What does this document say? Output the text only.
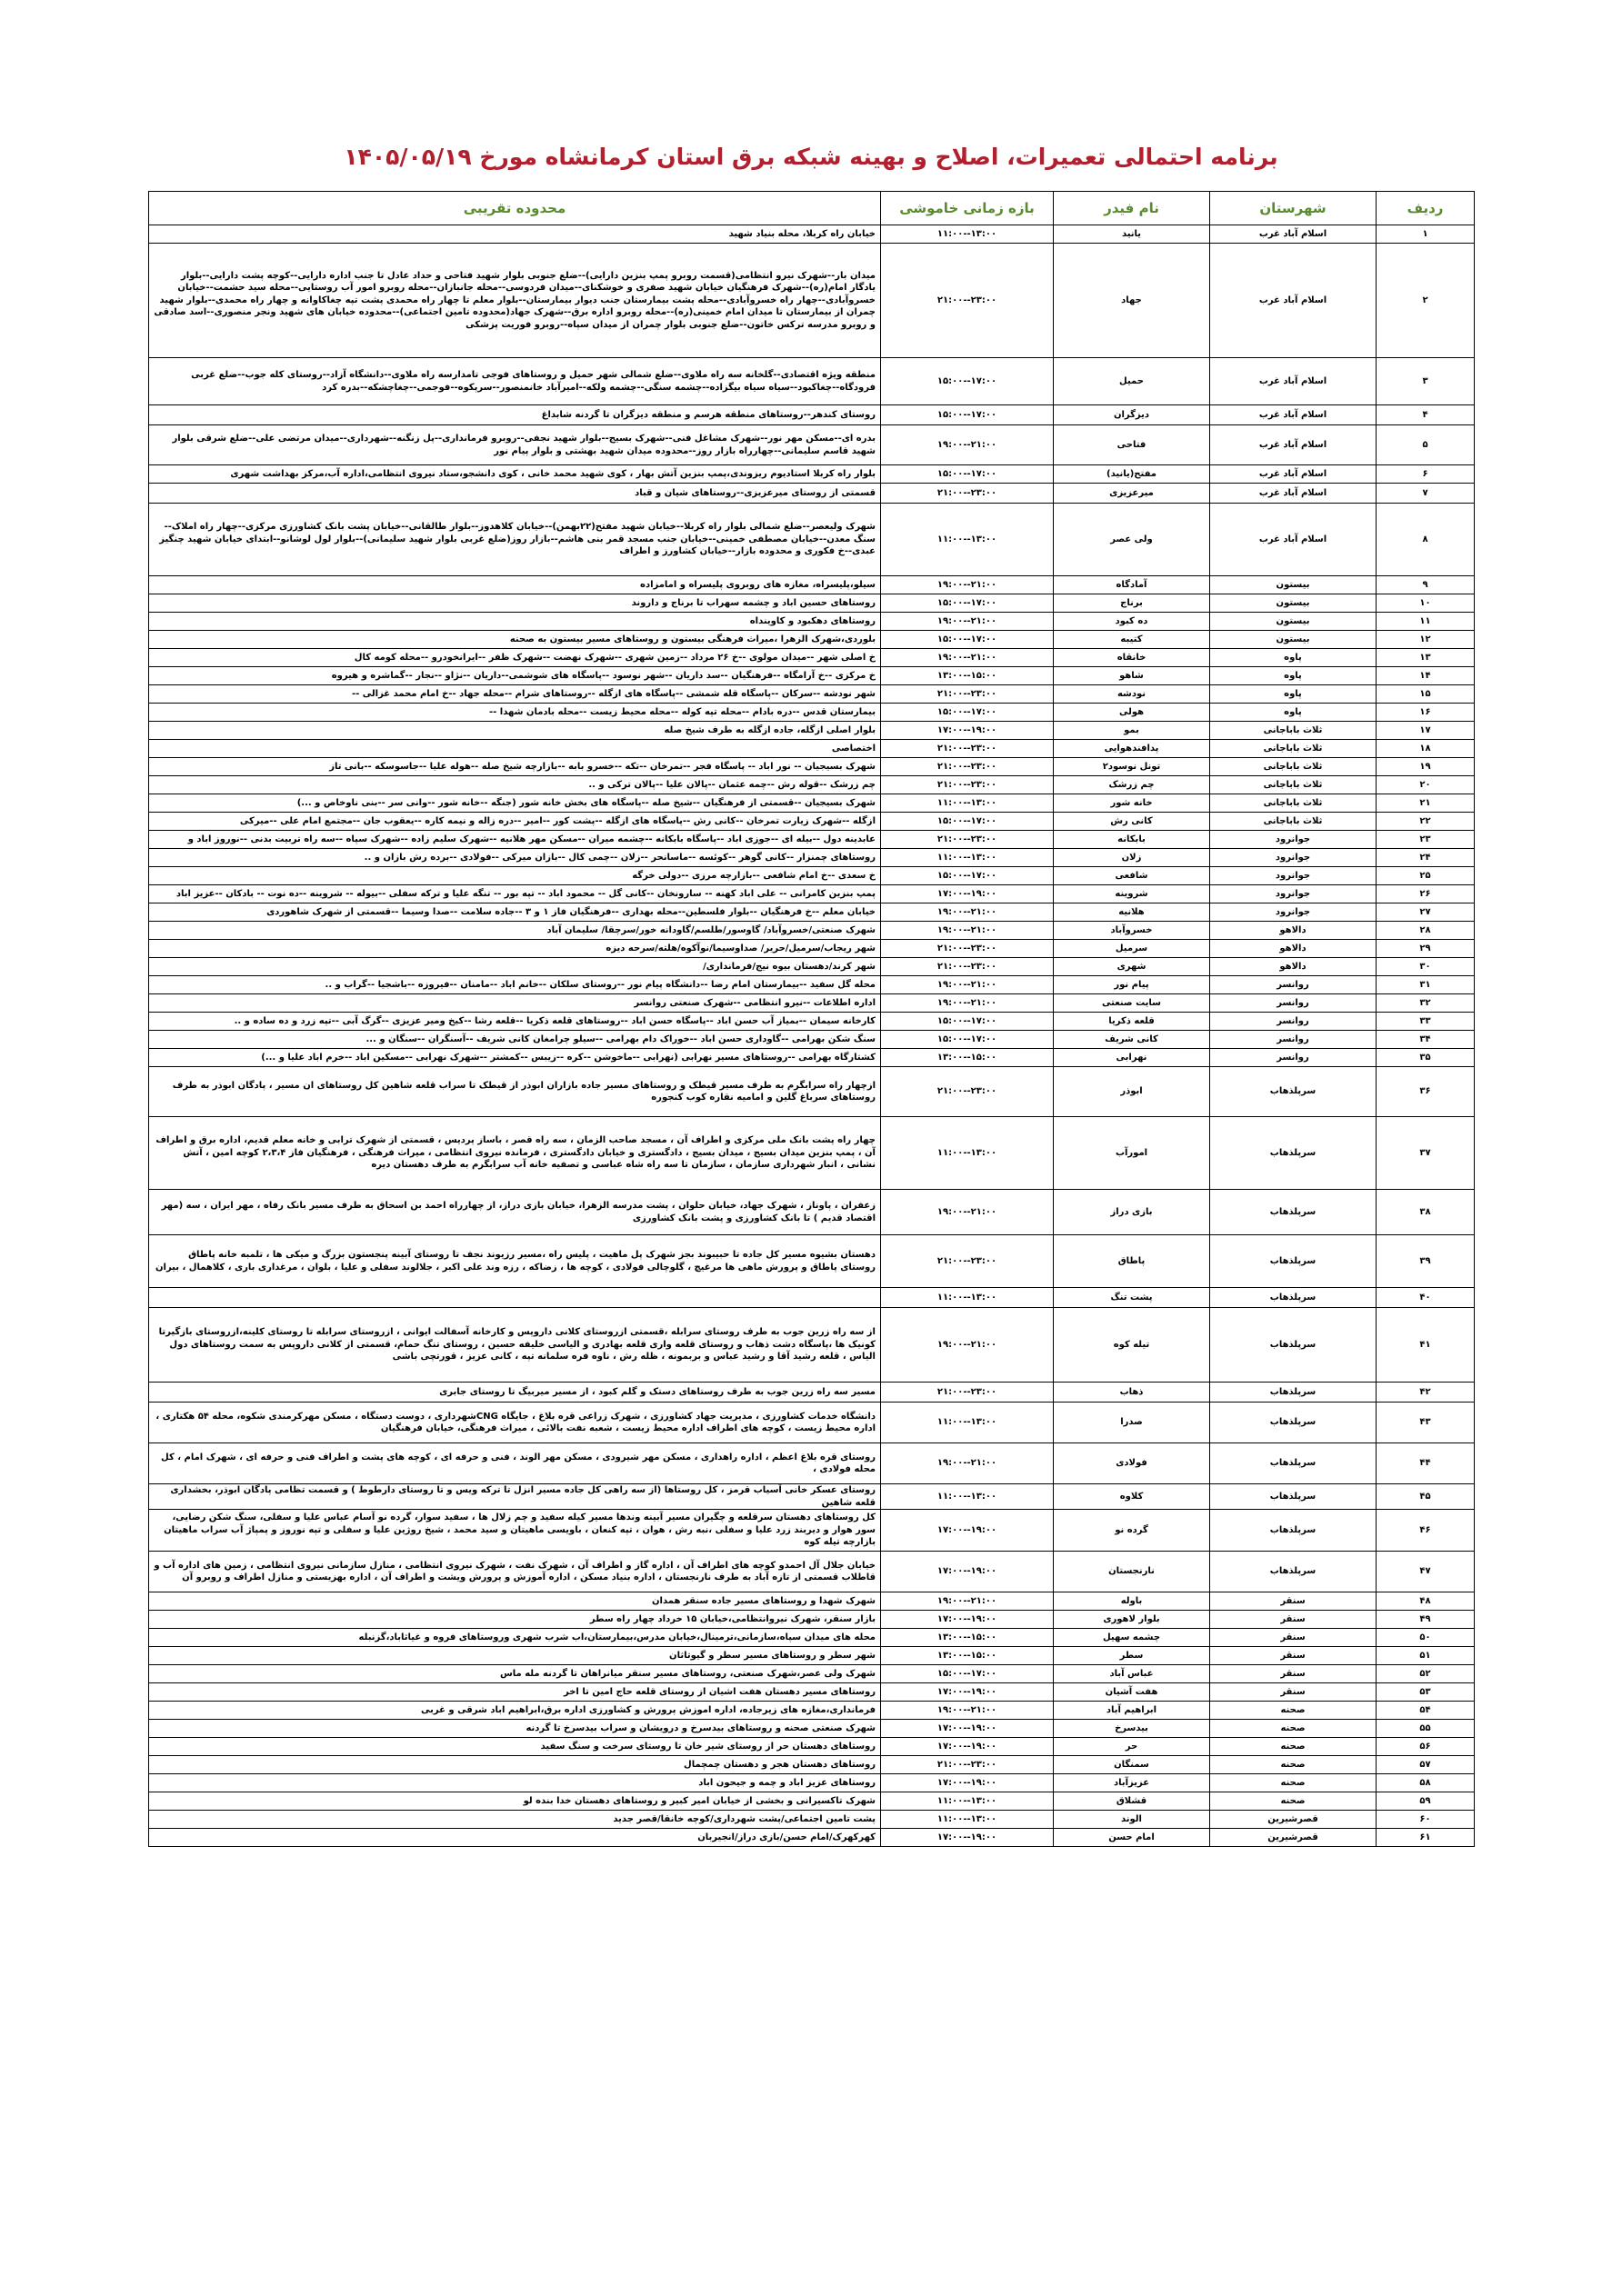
برنامه احتمالی تعمیرات، اصلاح و بهینه شبکه برق استان کرمانشاه مورخ ۱۴۰۵/۰۵/۱۹
ردیف	شهرستان	نام فیدر	بازه زمانی خاموشی	محدوده تقریبی
۱	اسلام آباد غرب	یانید	۱۱:۰۰--۱۳:۰۰	خیابان راه کربلا، محله بنیاد شهید
۲	اسلام آباد غرب	جهاد	۲۱:۰۰--۲۳:۰۰	میدان بار--شهرک نیرو انتظامی(قسمت روبرو پمپ بنزین دارایی)--ضلع جنوبی بلوار شهید فتاحی و حداد عادل تا جنب اداره دارایی--کوچه پشت دارایی--بلوار یادگار امام(ره)--شهرک فرهنگیان خیابان شهید صفری و خوشکنای--میدان فردوسی--محله جانبازان--محله روبرو امور آب روستایی--محله سید حشمت--خیابان خسروآبادی--چهار راه خسروآبادی--محله پشت بیمارستان جنب دیوار بیمارستان--بلوار معلم تا چهار راه محمدی پشت تپه چغاکاوانه و چهار راه محمدی--بلوار شهید چمران از بیمارستان تا میدان امام خمینی(ره)--محله روبرو اداره برق--شهرک جهاد(محدوده تامین اجتماعی)--محدوده خیابان های شهید ونجر منصوری--اسد صادقی و روبرو مدرسه ترکس خاتون--ضلع جنوبی بلوار چمران از میدان سپاه--روبرو فوریت پزشکی
۳	اسلام آباد غرب	حمیل	۱۵:۰۰--۱۷:۰۰	منطقه ویژه اقتصادی--گلخانه سه راه ملاوی--ضلع شمالی شهر حمیل و روستاهای فوجی تامدارسه راه ملاوی--دانشگاه آزاد--روستای کله جوب--ضلع غربی فرودگاه--چغاکبود--سیاه سیاه بیگزاده--چشمه سنگی--چشمه ولکه--امیرآباد خانمنصور--سرپکوه--فوجمی--چغاچشکه--بدره کرد
۴	اسلام آباد غرب	دیزگران	۱۵:۰۰--۱۷:۰۰	روستای کندهر--روستاهای منطقه هرسم و منطقه دیزگران تا گردنه شابداغ
۵	اسلام آباد غرب	فتاحی	۱۹:۰۰--۲۱:۰۰	بدره ای--مسکن مهر نور--شهرک مشاغل فنی--شهرک بسیج--بلوار شهید نجفی--روبرو فرمانداری--پل زنگنه--شهرداری--میدان مرتضی علی--ضلع شرقی بلوار شهید قاسم سلیمانی--چهارراه بازار روز--محدوده میدان شهید بهشتی و بلوار پیام نور
۶	اسلام آباد غرب	مفتح(یانید)	۱۵:۰۰--۱۷:۰۰	بلوار راه کربلا استادیوم ریزوندی،پمپ بنزین آتش بهار ، کوی شهید محمد خانی ، کوی دانشجو،ستاد نیروی انتظامی،اداره آب،مرکز بهداشت شهری
۷	اسلام آباد غرب	میرعزیزی	۲۱:۰۰--۲۳:۰۰	قسمتی از روستای میرعزیزی--روستاهای شیان و قباد
۸	اسلام آباد غرب	ولی عصر	۱۱:۰۰--۱۳:۰۰	شهرک ولیعصر--ضلع شمالی بلوار راه کربلا--خیابان شهید مفتح(۲۲بهمن)--خیابان کلاهدوز--بلوار طالقانی--خیابان پشت بانک کشاورزی مرکزی--چهار راه املاک--سنگ معدن--خیابان مصطفی خمینی--خیابان جنب مسجد قمر بنی هاشم--بازار روز(ضلع غربی بلوار شهید سلیمانی)--بلوار لول لوشانو--ابتدای خیابان شهید چنگیز عبدی--خ فکوری و محدوده بازار--خیابان کشاورز و اطراف
۹	بیستون	آمادگاه	۱۹:۰۰--۲۱:۰۰	سیلو،پلیسراه، مغازه های روبروی پلیسراه و امامزاده
۱۰	بیستون	برناج	۱۵:۰۰--۱۷:۰۰	روستاهای حسین اباد و چشمه سهراب تا برناج و داروند
۱۱	بیستون	ده کبود	۱۹:۰۰--۲۱:۰۰	روستاهای دهکبود و کاوینداه
۱۲	بیستون	کتیبه	۱۵:۰۰--۱۷:۰۰	بلوردی،شهرک الزهرا ،میراث فرهنگی بیستون و روستاهای مسیر بیستون به صحنه
۱۳	پاوه	خانقاه	۱۹:۰۰--۲۱:۰۰	خ اصلی شهر --میدان مولوی --خ ۲۶ مرداد --زمین شهری --شهرک نهضت --شهرک ظفر --ایرانخودرو --محله کومه کال
۱۴	پاوه	شاهو	۱۳:۰۰--۱۵:۰۰	خ مرکزی --خ آرامگاه --فرهنگیان --سد داریان --شهر نوسود --پاسگاه های شوشمی--داریان --نژاو --نجار --گماشره و هیروه
۱۵	پاوه	نودشه	۲۱:۰۰--۲۳:۰۰	شهر نودشه --سرکان --پاسگاه قله شمشی --پاسگاه های ازگله --روستاهای شرام --محله جهاد --خ امام محمد غزالی --
۱۶	پاوه	هولی	۱۵:۰۰--۱۷:۰۰	بیمارستان قدس --دره بادام --محله تپه کوله --محله محیط زیست --محله بادمان شهدا --
۱۷	ثلاث باباجانی	بمو	۱۷:۰۰--۱۹:۰۰	بلوار اصلی ازگله، جاده ازگله به طرف شیخ صله
۱۸	ثلاث باباجانی	پدافندهوایی	۲۱:۰۰--۲۳:۰۰	اختصاصی
۱۹	ثلاث باباجانی	تونل نوسود۲	۲۱:۰۰--۲۳:۰۰	شهرک بسیجیان -- نور اباد -- پاسگاه فجر --تمرخان --تکه --خسرو بابه --بازارچه شیخ صله --هوله علیا --جاسوسکه --بانی تاز
۲۰	ثلاث باباجانی	چم زرشک	۲۱:۰۰--۲۳:۰۰	چم زرشک --قوله رش --چمه عثمان --پالان علیا --پالان ترکی و ..
۲۱	ثلاث باباجانی	خانه شور	۱۱:۰۰--۱۳:۰۰	شهرک بسیجیان --قسمتی از فرهنگیان --شیخ صله --پاسگاه های بخش خانه شور (جنگه --خانه شور --وانی سر --بنی ناوخاص و ...)
۲۲	ثلاث باباجانی	کانی رش	۱۵:۰۰--۱۷:۰۰	ازگله --شهرک زیارت تمرخان --کانی رش --پاسگاه های ازگله --پشت کور --امیر --دره زاله و نیمه کاره --یعقوب جان --مجتمع امام علی --میرکی
۲۳	جوانرود	بابکانه	۲۱:۰۰--۲۳:۰۰	عابدینه دول --بیله ای --جوزی اباد --پاسگاه بابکانه --چشمه میران --مسکن مهر هلانیه --شهرک سلیم زاده --شهرک سپاه --سه راه تربیت بدنی --نوروز اباد و
۲۴	جوانرود	زلان	۱۱:۰۰--۱۳:۰۰	روستاهای چمنزار --کانی گوهر --کوئسه --ماسانحر --زلان --چمی کال --بازان میرکی --فولادی --برده رش بازان و ..
۲۵	جوانرود	شافعی	۱۵:۰۰--۱۷:۰۰	خ سعدی --خ امام شافعی --بازارچه مرزی --دولی خرگه
۲۶	جوانرود	شروینه	۱۷:۰۰--۱۹:۰۰	پمپ بنزین کامرانی -- علی اباد کهنه -- سارونخان --کانی گل -- محمود اباد -- تپه بور -- تنگه علیا و ترکه سفلی --بیوله -- شروینه --ده نوت -- بادکان --عزیز اباد
۲۷	جوانرود	هلانیه	۱۹:۰۰--۲۱:۰۰	خیابان معلم --خ فرهنگیان --بلوار فلسطین--محله بهداری --فرهنگیان فاز ۱ و ۳ --جاده سلامت --صدا وسیما --قسمتی از شهرک شاهوردی
۲۸	دالاهو	خسروآباد	۱۹:۰۰--۲۱:۰۰	شهرک صنعتی/خسروآباد/ گاوسور/طلسم/گاودانه خور/سرچقا/ سلیمان آباد
۲۹	دالاهو	سرمیل	۲۱:۰۰--۲۳:۰۰	شهر ریجاب/سرمیل/حریر/ صداوسیما/نوآکوه/هلته/سرحه دیزه
۳۰	دالاهو	شهری	۲۱:۰۰--۲۳:۰۰	شهر کرند/دهستان بیوه نیج/فرمانداری/
۳۱	روانسر	پیام نور	۱۹:۰۰--۲۱:۰۰	محله گل سفید --بیمارستان امام رضا --دانشگاه پیام نور --روستای سلکان --خانم اباد --مامنان --فیروزه --باشجیا --گراب و ..
۳۲	روانسر	سایت صنعتی	۱۹:۰۰--۲۱:۰۰	اداره اطلاعات --نیرو انتظامی --شهرک صنعتی روانسر
۳۳	روانسر	قلعه ذکریا	۱۵:۰۰--۱۷:۰۰	کارخانه سیمان --بمیاز آب حسن اباد --پاسگاه حسن اباد --روستاهای قلعه ذکریا --قلعه رشا --کیخ ومیر عزیزی --گرگ آبی --تپه زرد و ده ساده و ..
۳۴	روانسر	کانی شریف	۱۵:۰۰--۱۷:۰۰	سنگ شکن بهرامی --گاوداری حسن اباد --خوراک دام بهرامی --سیلو چرامغان کانی شریف --آسنگران --سنگان و ...
۳۵	روانسر	نهرابی	۱۳:۰۰--۱۵:۰۰	کشتارگاه بهرامی --روستاهای مسیر نهرابی (نهرابی --ماخوشن --کره --زیبس --کمشتر --شهرک نهرابی --مسکین اباد --خرم اباد علیا و ...)
۳۶	سرپلذهاب	ابوذر	۲۱:۰۰--۲۳:۰۰	ازچهار راه سرابگرم به طرف مسیر قیطک و روستاهای مسیر جاده بازاران ابوذر از قیطک تا سراب قلعه شاهین کل روستاهای ان مسیر ، پادگان ابوذر به طرف روستاهای سرباغ گلین و امامیه نقاره کوب کنجوره
۳۷	سرپلذهاب	امورآب	۱۱:۰۰--۱۳:۰۰	چهار راه پشت بانک ملی مرکزی و اطراف آن ، مسجد صاحب الزمان ، سه راه قصر ، باساز پردیس ، قسمتی از شهرک ترابی و خانه معلم قدیم، اداره برق و اطراف آن ، پمپ بنزین میدان بسیج ، میدان بسیج ، دادگستری و خیابان دادگستری ، فرمانده نیروی انتظامی ، میراث فرهنگی ، فرهنگیان فاز ۲،۳،۴ کوچه امین ، آتش نشانی ، انبار شهرداری سازمان ، سازمان تا سه راه شاه عباسی و تصفیه خانه آب سرابگرم به طرف دهستان دیره
۳۸	سرپلذهاب	بازی دراز	۱۹:۰۰--۲۱:۰۰	زعفران ، پاوناز ، شهرک جهاد، خیابان حلوان ، پشت مدرسه الزهرا، خیابان بازی دراز، از چهارراه احمد بن اسحاق به طرف مسیر بانک رفاه ، مهر ایران ، سه (مهر اقتصاد قدیم ) تا بانک کشاورزی و پشت بانک کشاورزی
۳۹	سرپلذهاب	پاطاق	۲۱:۰۰--۲۳:۰۰	دهستان بشیوه مسیر کل جاده تا حبیبوند بجز شهرک پل ماهیت ، پلیس راه ،مسیر رزیوند نجف تا روستای آبینه پنجستون بزرگ و میکی ها ، تلمبه خانه پاطاق روستای پاطاق و پرورش ماهی ها مرغیچ ، گلوچالی فولادی ، کوچه ها ، زضاکه ، رزه وند علی اکبر ، جلالوند سفلی و علیا ، بلوان ، مرغداری باری ، کلاهمال ، بیران
۴۰	سرپلذهاب	پشت تنگ	۱۱:۰۰--۱۳:۰۰	
۴۱	سرپلذهاب	تیله کوه	۱۹:۰۰--۲۱:۰۰	از سه راه زرین جوب به طرف روستای سرابله ،قسمتی ازروستای کلانی داروپس و کارخانه آسفالت ایوانی ، ازروستای سرابله تا روستای کلینه،ازروستای بازگیرتا کونیک ها ،پاسگاه دشت ذهاب و روستای قلعه واری قلعه بهادری و الیاسی خلیفه حسین ، روستای تنگ حمام، قسمتی از کلانی داروپس به سمت روستاهای دول الیاس ، قلعه رشید آقا و رشید عباس و بربمونه ، ظله رش ، ناوه فره سلمانه تپه ، کانی عزیز ، قورتچی باشی
۴۲	سرپلذهاب	ذهاب	۲۱:۰۰--۲۳:۰۰	مسیر سه راه زرین جوب به طرف روستاهای دستک و گلم کبود ، از مسیر میربیگ تا روستای جابری
۴۳	سرپلذهاب	صدرا	۱۱:۰۰--۱۳:۰۰	دانشگاه خدمات کشاورزی ، مدیریت جهاد کشاورزی ، شهرک زراعی قره بلاغ ، جایگاه CNGشهرداری ، دوست دستگاه ، مسکن مهرکرمندی شکوه، محله ۵۴ هکتاری ، اداره محیط زیست ، کوچه های اطراف اداره محیط زیست ، شعبه نفت بالائی ، میراث فرهنگی، خیابان فرهنگیان
۴۴	سرپلذهاب	فولادی	۱۹:۰۰--۲۱:۰۰	روستای قره بلاغ اعظم ، اداره راهداری ، مسکن مهر شیرودی ، مسکن مهر الوند ، فنی و حرفه ای ، کوچه های پشت و اطراف فنی و حرفه ای ، شهرک امام ، کل محله فولادی ،
۴۵	سرپلذهاب	کلاوه	۱۱:۰۰--۱۳:۰۰	روستای عسکر خانی آسیاب قرمز ، کل روستاها (از سه راهی کل جاده مسیر انزل تا ترکه ویس و تا روستای دارطوط ) و قسمت تظامی پادگان ابوذر، بخشداری قلعه شاهین
۴۶	سرپلذهاب	گرده نو	۱۷:۰۰--۱۹:۰۰	کل روستاهای دهستان سرقلعه و چگیران مسیر آبینه وندها مسیر کیله سفید و چم زلال ها ، سفید سوار، گرده نو آسام عباس علیا و سفلی، سنگ شکن رضایی، سور هوار و دیربند زرد علیا و سفلی ،نبه رش ، هوان ، تپه کنعان ، باویسی ماهیتان و سید محمد ، شیخ روژین علیا و سفلی و تپه نوروز و پمپاژ آب سراب ماهیتان بازارچه تیله کوه
۴۷	سرپلذهاب	نارنجستان	۱۷:۰۰--۱۹:۰۰	خیابان جلال آل احمدو کوچه های اطراف آن ، اداره گاز و اطراف آن ، شهرک نفت ، شهرک نیروی انتظامی ، منازل سازمانی نیروی انتظامی ، زمین های اداره آب و قاطلاب قسمتی از تازه آباد به طرف نارنجستان ، اداره بنیاد مسکن ، اداره آموزش و پرورش ویشت و اطراف آن ، اداره بهزیستی و منازل اطراف و روبرو آن
۴۸	سنقر	باوله	۱۹:۰۰--۲۱:۰۰	شهرک شهدا و روستاهای مسیر جاده سنقر همدان
۴۹	سنقر	بلوار لاهوری	۱۷:۰۰--۱۹:۰۰	بازار سنقر، شهرک نیروانتظامی،خیابان ۱۵ خرداد چهار راه سطر
۵۰	سنقر	چشمه سهیل	۱۳:۰۰--۱۵:۰۰	محله های میدان سپاه،سازمانی،ترمینال،خیابان مدرس،بیمارستان،اب شرب شهری وروستاهای فروه و غیاثاباد،گزنبله
۵۱	سنقر	سطر	۱۳:۰۰--۱۵:۰۰	شهر سطر و روستاهای مسیر سطر و گیوتاثان
۵۲	سنقر	عباس آباد	۱۵:۰۰--۱۷:۰۰	شهرک ولی عصر،شهرک صنعتی، روستاهای مسیر سنقر میانراهان تا گردنه مله ماس
۵۳	سنقر	هفت آشیان	۱۷:۰۰--۱۹:۰۰	روستاهای مسیر دهستان هفت اشیان از روستای قلعه حاج امین تا اخر
۵۴	صحنه	ابراهیم آباد	۱۹:۰۰--۲۱:۰۰	فرمانداری،مغازه های زیرجاده، اداره اموزش پرورش و کشاورزی اداره برق،ابراهیم اباد شرقی و غربی
۵۵	صحنه	بیدسرخ	۱۷:۰۰--۱۹:۰۰	شهرک صنعتی صحنه و روستاهای بیدسرخ و درویشان و سراب بیدسرخ تا گردنه
۵۶	صحنه	حر	۱۷:۰۰--۱۹:۰۰	روستاهای دهستان حر از روستای شیر خان تا روستای سرخت و سنگ سفید
۵۷	صحنه	سمنگان	۲۱:۰۰--۲۳:۰۰	روستاهای دهستان هجر و دهستان چمچمال
۵۸	صحنه	عزیزآباد	۱۷:۰۰--۱۹:۰۰	روستاهای عزیز اباد و چمه و جیحون اباد
۵۹	صحنه	قشلاق	۱۱:۰۰--۱۳:۰۰	شهرک تاکسیرانی و بخشی از خیابان امیر کبیر و روستاهای دهستان خدا بنده لو
۶۰	قصرشیرین	الوند	۱۱:۰۰--۱۳:۰۰	پشت تامین اجتماعی/پشت شهرداری/کوچه خانقا/قصر جدید
۶۱	قصرشیرین	امام حسن	۱۷:۰۰--۱۹:۰۰	کهرکهرک/امام حسن/بازی دراز/انجیربان
